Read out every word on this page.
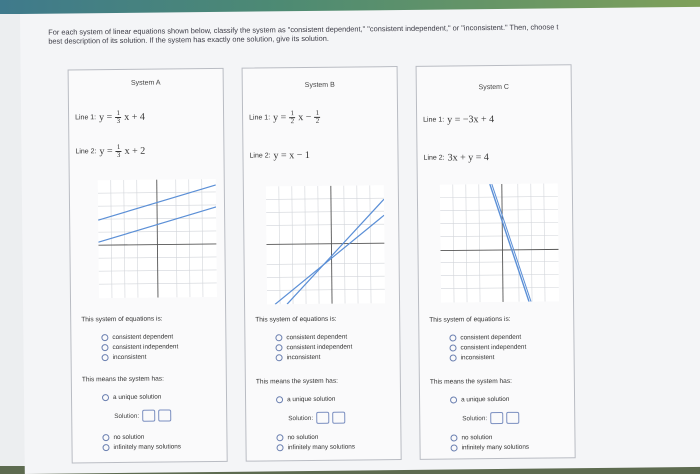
For each system of linear equations shown below, classify the system as "consistent dependent," "consistent independent," or "inconsistent." Then, choose t
best description of its solution. If the system has exactly one solution, give its solution.
System A
Line 1: $y = \frac{1}{3}$ x + 4
Line 2: $y = \frac{1}{3}$ x + 2
This system of equations is:
consistent dependent
consistent independent
inconsistent
This means the system has:
a unique solution
Solution:
no solution
infinitely many solutions
System B
Line 1: $y = \frac{1}{2}$ $x - \frac{1}{2}$
Line 2: y = x − 1
This system of equations is:
consistent dependent
consistent independent
inconsistent
This means the system has:
a unique solution
Solution:
no solution
infinitely many solutions
System C
Line 1: y = −3x + 4
Line 2: 3x + y = 4
This system of equations is:
consistent dependent
consistent independent
inconsistent
This means the system has:
a unique solution
Solution:
no solution
infinitely many solutions
